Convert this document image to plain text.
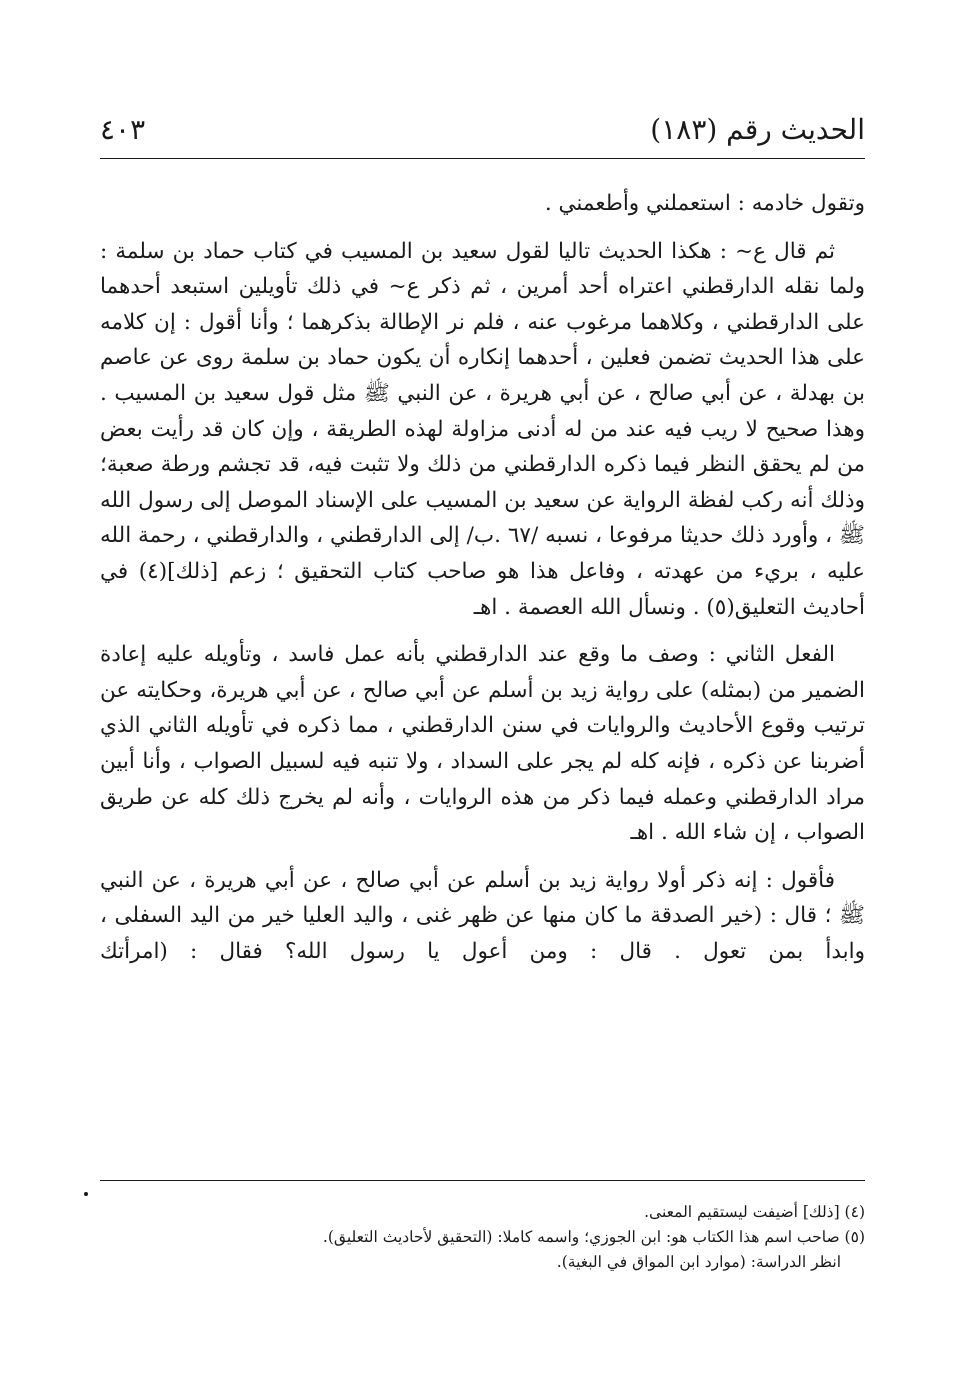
الحديث رقم (١٨٣)
٤٠٣

وتقول خادمه : استعملني وأطعمني .

ثم قال ع~ : هكذا الحديث تاليا لقول سعيد بن المسيب في كتاب حماد بن سلمة : ولما نقله الدارقطني اعتراه أحد أمرين ، ثم ذكر ع~ في ذلك تأويلين استبعد أحدهما على الدارقطني ، وكلاهما مرغوب عنه ، فلم نر الإطالة بذكرهما ؛ وأنا أقول : إن كلامه على هذا الحديث تضمن فعلين ، أحدهما إنكاره أن يكون حماد بن سلمة روى عن عاصم بن بهدلة ، عن أبي صالح ، عن أبي هريرة ، عن النبي ﷺ مثل قول سعيد بن المسيب . وهذا صحيح لا ريب فيه عند من له أدنى مزاولة لهذه الطريقة ، وإن كان قد رأيت بعض من لم يحقق النظر فيما ذكره الدارقطني من ذلك ولا تثبت فيه، قد تجشم ورطة صعبة؛ وذلك أنه ركب لفظة الرواية عن سعيد بن المسيب على الإسناد الموصل إلى رسول الله ﷺ ، وأورد ذلك حديثا مرفوعا ، نسبه /٦٧ .ب/ إلى الدارقطني ، والدارقطني ، رحمة الله عليه ، بريء من عهدته ، وفاعل هذا هو صاحب كتاب التحقيق ؛ زعم [ذلك](٤) في أحاديث التعليق(٥) . ونسأل الله العصمة . اهـ

الفعل الثاني : وصف ما وقع عند الدارقطني بأنه عمل فاسد ، وتأويله عليه إعادة الضمير من (بمثله) على رواية زيد بن أسلم عن أبي صالح ، عن أبي هريرة، وحكايته عن ترتيب وقوع الأحاديث والروايات في سنن الدارقطني ، مما ذكره في تأويله الثاني الذي أضربنا عن ذكره ، فإنه كله لم يجر على السداد ، ولا تنبه فيه لسبيل الصواب ، وأنا أبين مراد الدارقطني وعمله فيما ذكر من هذه الروايات ، وأنه لم يخرج ذلك كله عن طريق الصواب ، إن شاء الله . اهـ

فأقول : إنه ذكر أولا رواية زيد بن أسلم عن أبي صالح ، عن أبي هريرة ، عن النبي ﷺ ؛ قال : (خير الصدقة ما كان منها عن ظهر غنى ، واليد العليا خير من اليد السفلى ، وابدأ بمن تعول . قال : ومن أعول يا رسول الله؟ فقال : (امرأتك

(٤) [ذلك] أضيفت ليستقيم المعنى.

(٥) صاحب اسم هذا الكتاب هو: ابن الجوزي؛ واسمه كاملا: (التحقيق لأحاديث التعليق).

انظر الدراسة: (موارد ابن المواق في البغية).
